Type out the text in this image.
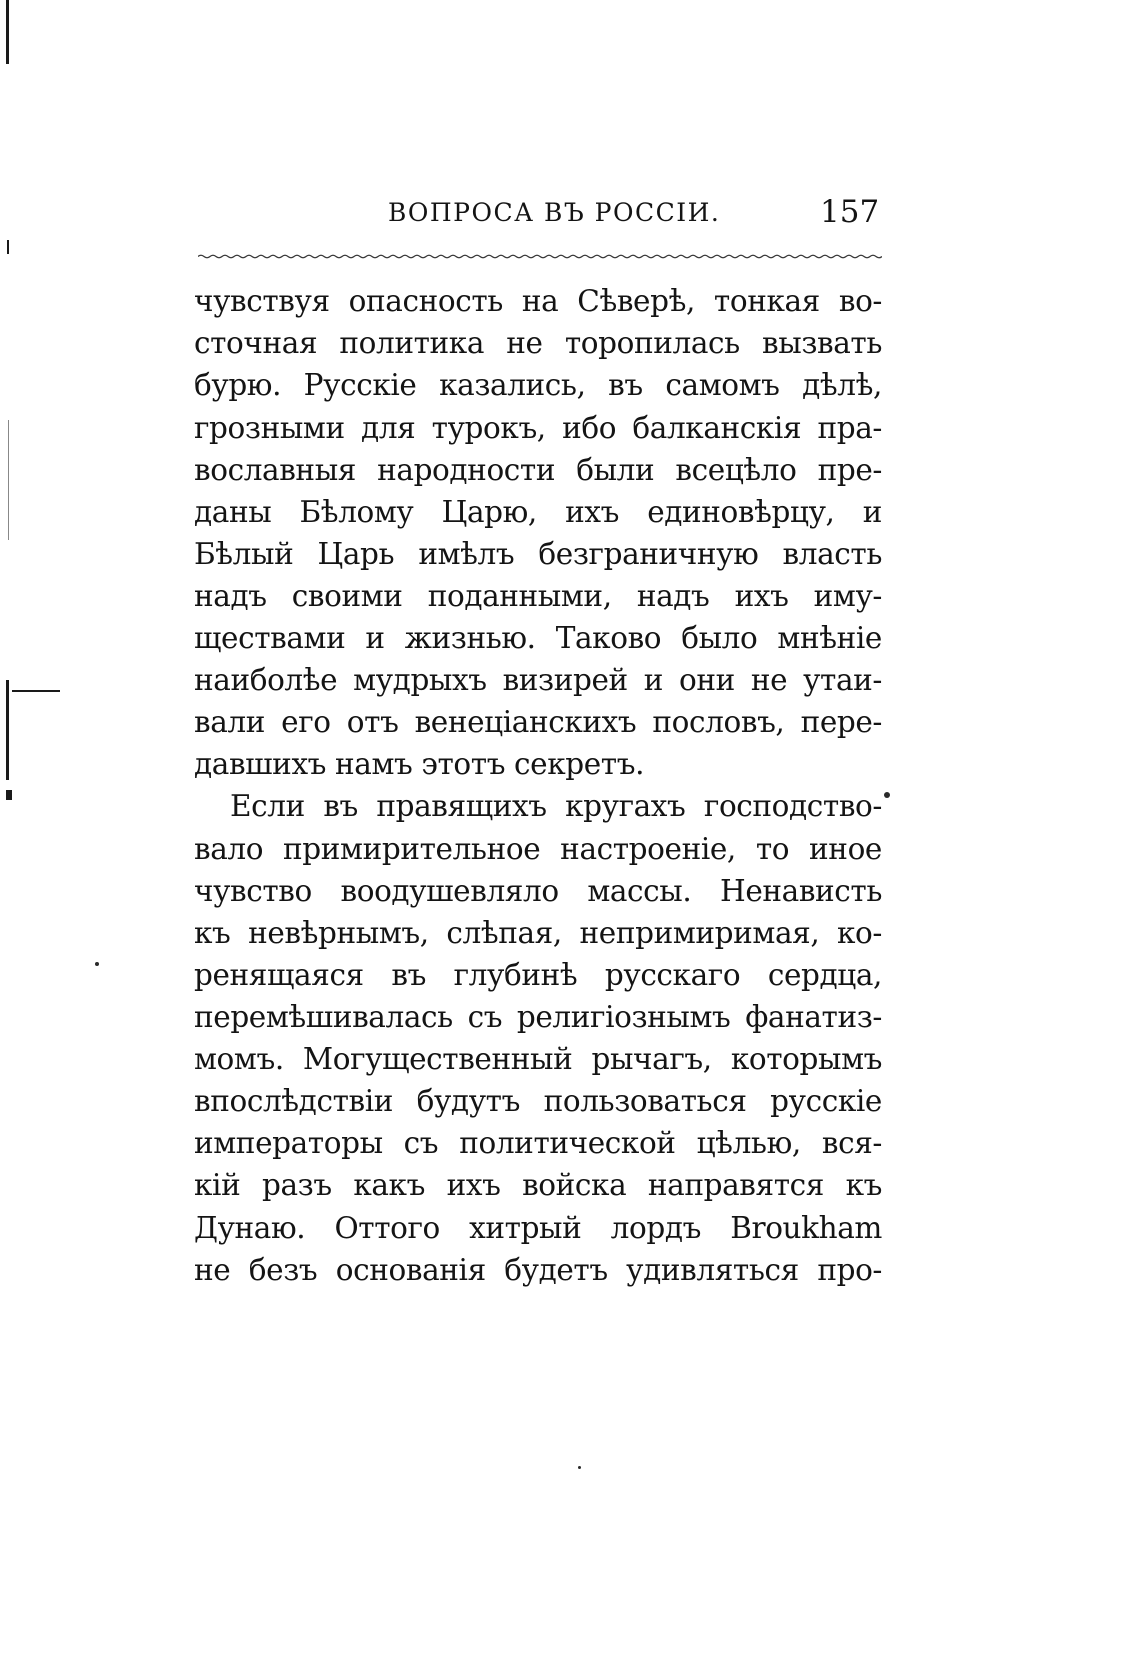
ВОПРОСА ВЪ РОССІИ.	157
чувствуя опасность на Сѣверѣ, тонкая во-
сточная политика не торопилась вызвать
бурю. Русскіе казались, въ самомъ дѣлѣ,
грозными для турокъ, ибо балканскія пра-
вославныя народности были всецѣло пре-
даны Бѣлому Царю, ихъ единовѣрцу, и
Бѣлый Царь имѣлъ безграничную власть
надъ своими поданными, надъ ихъ иму-
ществами и жизнью. Таково было мнѣніе
наиболѣе мудрыхъ визирей и они не утаи-
вали его отъ венеціанскихъ пословъ, пере-
давшихъ намъ этотъ секретъ.
Если въ правящихъ кругахъ господство-
вало примирительное настроеніе, то иное
чувство воодушевляло массы. Ненависть
къ невѣрнымъ, слѣпая, непримиримая, ко-
ренящаяся въ глубинѣ русскаго сердца,
перемѣшивалась съ религіознымъ фанатиз-
момъ. Могущественный рычагъ, которымъ
впослѣдствіи будутъ пользоваться русскіе
императоры съ политической цѣлью, вся-
кій разъ какъ ихъ войска направятся къ
Дунаю. Оттого хитрый лордъ Broukham
не безъ основанія будетъ удивляться про-
